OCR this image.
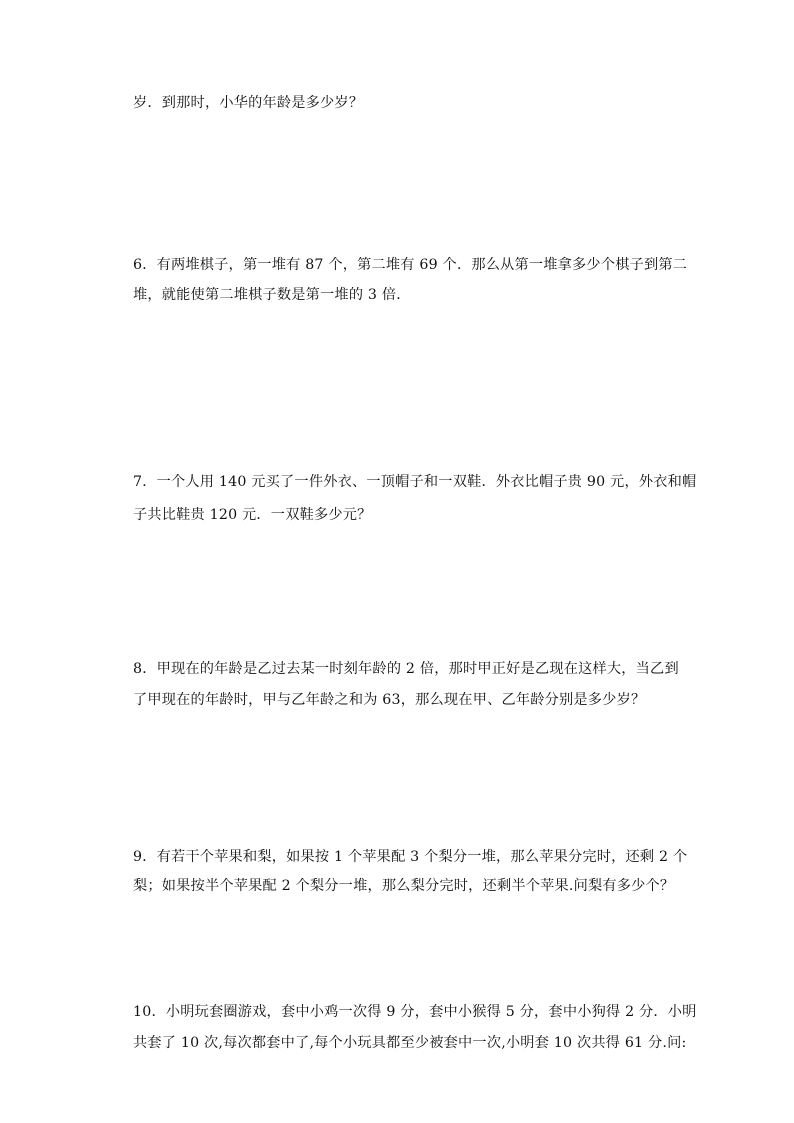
岁．到那时，小华的年龄是多少岁？

6．有两堆棋子，第一堆有 87 个，第二堆有 69 个．那么从第一堆拿多少个棋子到第二

堆，就能使第二堆棋子数是第一堆的 3 倍．

7．一个人用 140 元买了一件外衣、一顶帽子和一双鞋．外衣比帽子贵 90 元，外衣和帽

子共比鞋贵 120 元．一双鞋多少元？

8．甲现在的年龄是乙过去某一时刻年龄的 2 倍，那时甲正好是乙现在这样大，当乙到

了甲现在的年龄时，甲与乙年龄之和为 63，那么现在甲、乙年龄分别是多少岁？

9．有若干个苹果和梨，如果按 1 个苹果配 3 个梨分一堆，那么苹果分完时，还剩 2 个

梨；如果按半个苹果配 2 个梨分一堆，那么梨分完时，还剩半个苹果.问梨有多少个？

10．小明玩套圈游戏，套中小鸡一次得 9 分，套中小猴得 5 分，套中小狗得 2 分．小明

共套了 10 次,每次都套中了,每个小玩具都至少被套中一次,小明套 10 次共得 61 分.问:
